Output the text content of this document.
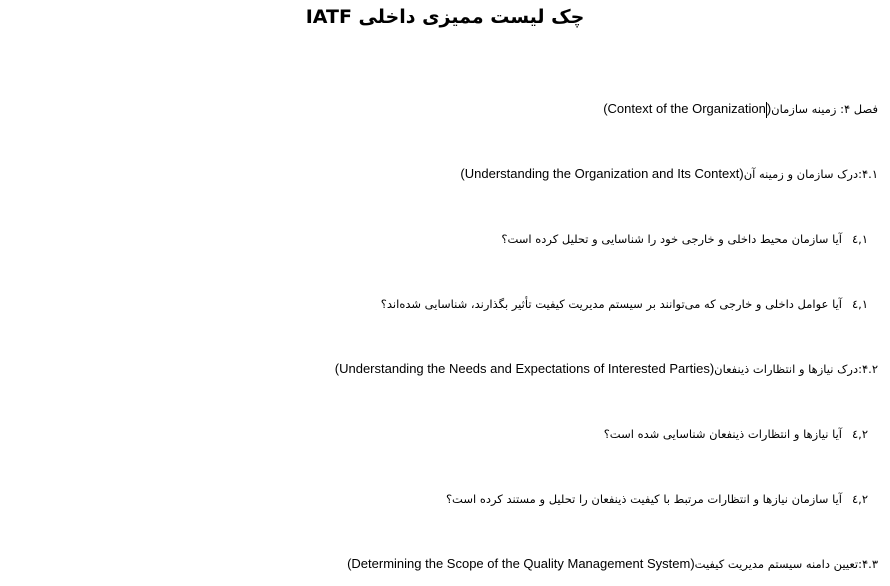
چک لیست ممیزی داخلی IATF
فصل ۴: زمینه سازمان(Context of the Organization)
۴.۱:درک سازمان و زمینه آن(Understanding the Organization and Its Context)
٤,١آیا سازمان محیط داخلی و خارجی خود را شناسایی و تحلیل کرده است؟
٤,١آیا عوامل داخلی و خارجی که می‌توانند بر سیستم مدیریت کیفیت تأثیر بگذارند، شناسایی شده‌اند؟
۴.۲:درک نیازها و انتظارات ذینفعان(Understanding the Needs and Expectations of Interested Parties)
٤,٢آیا نیازها و انتظارات ذینفعان شناسایی شده است؟
٤,٢آیا سازمان نیازها و انتظارات مرتبط با کیفیت ذینفعان را تحلیل و مستند کرده است؟
۴.۳:تعیین دامنه سیستم مدیریت کیفیت(Determining the Scope of the Quality Management System)
